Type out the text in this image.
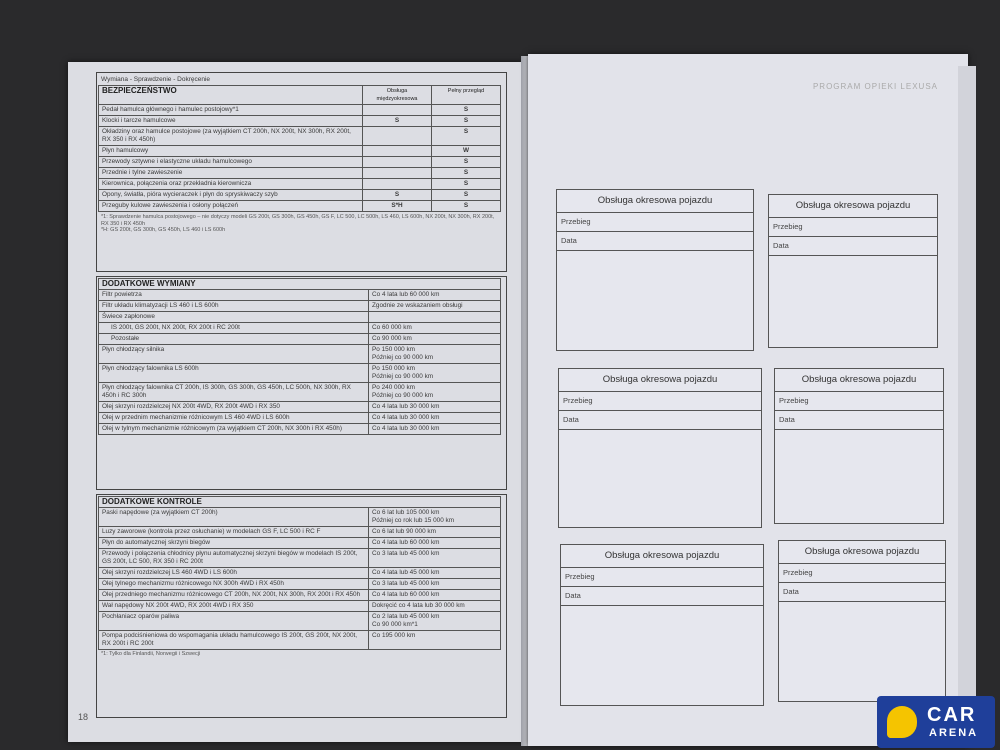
Wymiana - Sprawdzenie - Dokręcenie
BEZPIECZEŃSTWO	Obsługa międzyokresowa	Pełny przegląd
Pedał hamulca głównego i hamulec postojowy*1		S
Klocki i tarcze hamulcowe	S	S
Okładziny oraz hamulce postojowe (za wyjątkiem CT 200h, NX 200t, NX 300h, RX 200t, RX 350 i RX 450h)		S
Płyn hamulcowy		W
Przewody sztywne i elastyczne układu hamulcowego		S
Przednie i tylne zawieszenie		S
Kierownica, połączenia oraz przekładnia kierownicza		S
Opony, światła, pióra wycieraczek i płyn do spryskiwaczy szyb	S	S
Przeguby kulowe zawieszenia i osłony połączeń	S*H	S
*1: Sprawdzenie hamulca postojowego – nie dotyczy modeli GS 200t, GS 300h, GS 450h, GS F, LC 500, LC 500h, LS 460, LS 600h, NX 200t, NX 300h, RX 200t, RX 350 i RX 450h
*H: GS 200t, GS 300h, GS 450h, LS 460 i LS 600h
DODATKOWE WYMIANY	
Filtr powietrza	Co 4 lata lub 60 000 km
Filtr układu klimatyzacji LS 460 i LS 600h	Zgodnie ze wskazaniem obsługi
Świece zapłonowe	
IS 200t, GS 200t, NX 200t, RX 200t i RC 200t	Co 60 000 km
Pozostałe	Co 90 000 km
Płyn chłodzący silnika	Po 150 000 km
Później co 90 000 km
Płyn chłodzący falownika LS 600h	Po 150 000 km
Później co 90 000 km
Płyn chłodzący falownika CT 200h, IS 300h, GS 300h, GS 450h, LC 500h, NX 300h, RX 450h i RC 300h	Po 240 000 km
Później co 90 000 km
Olej skrzyni rozdzielczej NX 200t 4WD, RX 200t 4WD i RX 350	Co 4 lata lub 30 000 km
Olej w przednim mechanizmie różnicowym LS 460 4WD i LS 600h	Co 4 lata lub 30 000 km
Olej w tylnym mechanizmie różnicowym (za wyjątkiem CT 200h, NX 300h i RX 450h)	Co 4 lata lub 30 000 km
DODATKOWE KONTROLE	
Paski napędowe (za wyjątkiem CT 200h)	Co 6 lat lub 105 000 km
Później co rok lub 15 000 km
Luzy zaworowe (kontrola przez osłuchanie) w modelach GS F, LC 500 i RC F	Co 6 lat lub 90 000 km
Płyn do automatycznej skrzyni biegów	Co 4 lata lub 60 000 km
Przewody i połączenia chłodnicy płynu automatycznej skrzyni biegów w modelach IS 200t, GS 200t, LC 500, RX 350 i RC 200t	Co 3 lata lub 45 000 km
Olej skrzyni rozdzielczej LS 460 4WD i LS 600h	Co 4 lata lub 45 000 km
Olej tylnego mechanizmu różnicowego NX 300h 4WD i RX 450h	Co 3 lata lub 45 000 km
Olej przedniego mechanizmu różnicowego CT 200h, NX 200t, NX 300h, RX 200t i RX 450h	Co 4 lata lub 60 000 km
Wał napędowy NX 200t 4WD, RX 200t 4WD i RX 350	Dokręcić co 4 lata lub 30 000 km
Pochłaniacz oparów paliwa	Co 2 lata lub 45 000 km
Co 90 000 km*1
Pompa podciśnieniowa do wspomagania układu hamulcowego IS 200t, GS 200t, NX 200t, RX 200t i RC 200t	Co 195 000 km
*1: Tylko dla Finlandii, Norwegii i Szwecji
18
PROGRAM OPIEKI LEXUSA
Obsługa okresowa pojazdu
Przebieg
Data
Obsługa okresowa pojazdu
Przebieg
Data
Obsługa okresowa pojazdu
Przebieg
Data
Obsługa okresowa pojazdu
Przebieg
Data
Obsługa okresowa pojazdu
Przebieg
Data
Obsługa okresowa pojazdu
Przebieg
Data
CAR
ARENA
